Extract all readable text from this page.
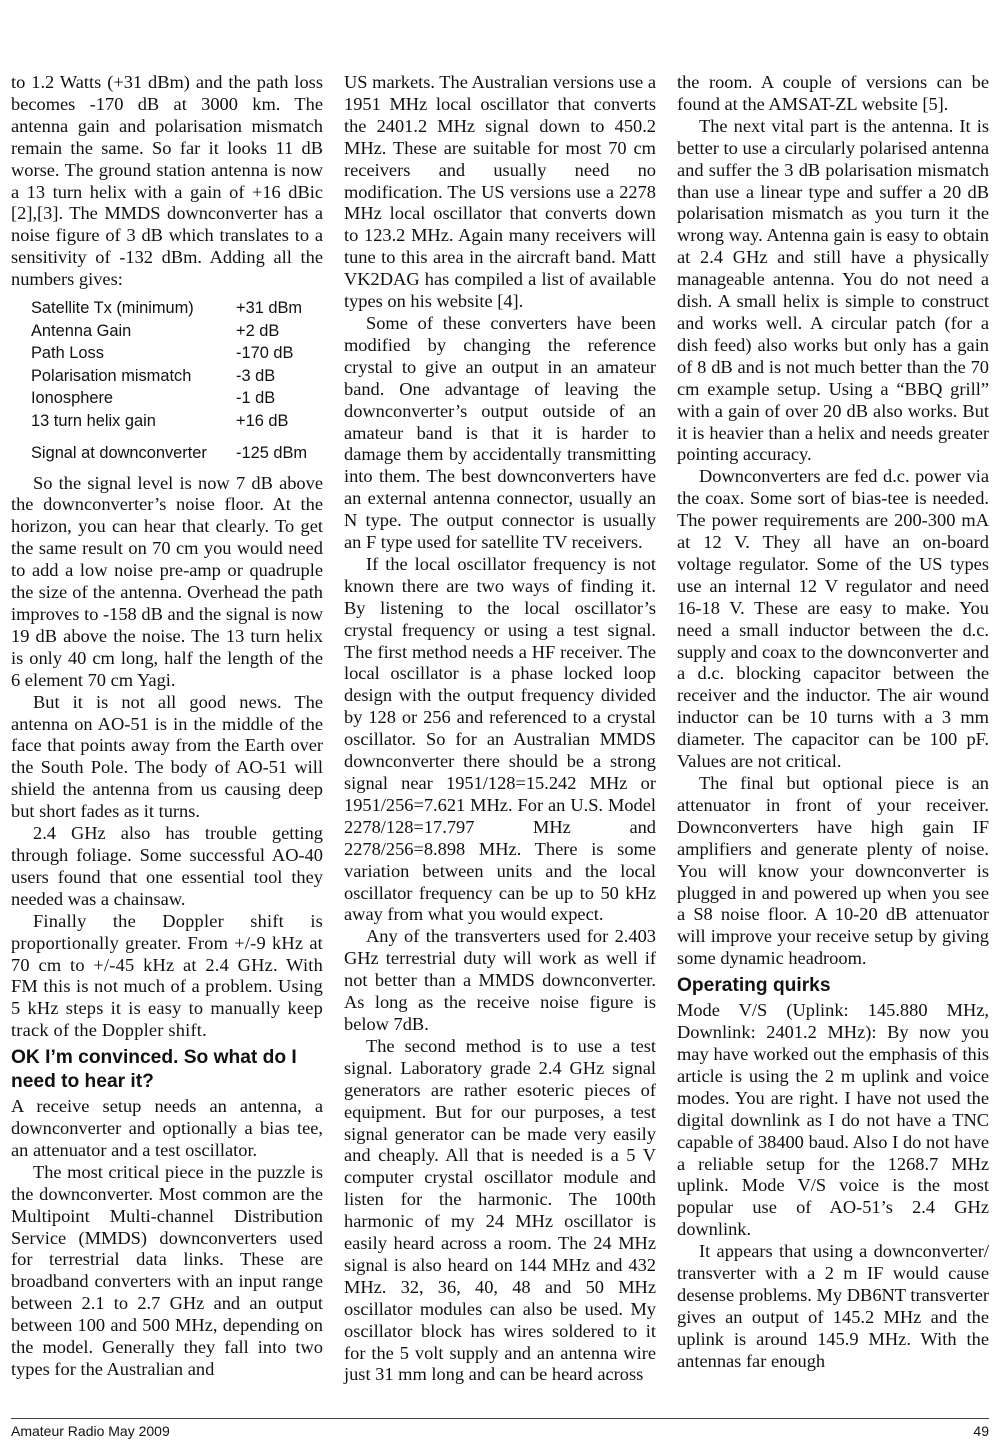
to 1.2 Watts (+31 dBm) and the path loss becomes -170 dB at 3000 km. The antenna gain and polarisation mismatch remain the same. So far it looks 11 dB worse. The ground station antenna is now a 13 turn helix with a gain of +16 dBic [2],[3]. The MMDS downconverter has a noise figure of 3 dB which translates to a sensitivity of -132 dBm. Adding all the numbers gives:

Satellite Tx (minimum)	+31 dBm
Antenna Gain	+2 dB
Path Loss	-170 dB
Polarisation mismatch	-3 dB
Ionosphere	-1 dB
13 turn helix gain	+16 dB
Signal at downconverter	-125 dBm

So the signal level is now 7 dB above the downconverter’s noise floor. At the horizon, you can hear that clearly. To get the same result on 70 cm you would need to add a low noise pre-amp or quadruple the size of the antenna. Overhead the path improves to -158 dB and the signal is now 19 dB above the noise. The 13 turn helix is only 40 cm long, half the length of the 6 element 70 cm Yagi.

But it is not all good news. The antenna on AO-51 is in the middle of the face that points away from the Earth over the South Pole. The body of AO-51 will shield the antenna from us causing deep but short fades as it turns.

2.4 GHz also has trouble getting through foliage. Some successful AO-40 users found that one essential tool they needed was a chainsaw.

Finally the Doppler shift is proportionally greater. From +/-9 kHz at 70 cm to +/-45 kHz at 2.4 GHz. With FM this is not much of a problem. Using 5 kHz steps it is easy to manually keep track of the Doppler shift.

OK I’m convinced. So what do I need to hear it?

A receive setup needs an antenna, a downconverter and optionally a bias tee, an attenuator and a test oscillator.

The most critical piece in the puzzle is the downconverter. Most common are the Multipoint Multi-channel Distribution Service (MMDS) downconverters used for terrestrial data links. These are broadband converters with an input range between 2.1 to 2.7 GHz and an output between 100 and 500 MHz, depending on the model. Generally they fall into two types for the Australian and

US markets. The Australian versions use a 1951 MHz local oscillator that converts the 2401.2 MHz signal down to 450.2 MHz. These are suitable for most 70 cm receivers and usually need no modification. The US versions use a 2278 MHz local oscillator that converts down to 123.2 MHz. Again many receivers will tune to this area in the aircraft band. Matt VK2DAG has compiled a list of available types on his website [4].

Some of these converters have been modified by changing the reference crystal to give an output in an amateur band. One advantage of leaving the downconverter’s output outside of an amateur band is that it is harder to damage them by accidentally transmitting into them. The best downconverters have an external antenna connector, usually an N type. The output connector is usually an F type used for satellite TV receivers.

If the local oscillator frequency is not known there are two ways of finding it. By listening to the local oscillator’s crystal frequency or using a test signal. The first method needs a HF receiver. The local oscillator is a phase locked loop design with the output frequency divided by 128 or 256 and referenced to a crystal oscillator. So for an Australian MMDS downconverter there should be a strong signal near 1951/128=15.242 MHz or 1951/256=7.621 MHz. For an U.S. Model 2278/128=17.797 MHz and 2278/256=8.898 MHz. There is some variation between units and the local oscillator frequency can be up to 50 kHz away from what you would expect.

Any of the transverters used for 2.403 GHz terrestrial duty will work as well if not better than a MMDS downconverter. As long as the receive noise figure is below 7dB.

The second method is to use a test signal. Laboratory grade 2.4 GHz signal generators are rather esoteric pieces of equipment. But for our purposes, a test signal generator can be made very easily and cheaply. All that is needed is a 5 V computer crystal oscillator module and listen for the harmonic. The 100th harmonic of my 24 MHz oscillator is easily heard across a room. The 24 MHz signal is also heard on 144 MHz and 432 MHz. 32, 36, 40, 48 and 50 MHz oscillator modules can also be used. My oscillator block has wires soldered to it for the 5 volt supply and an antenna wire just 31 mm long and can be heard across

the room. A couple of versions can be found at the AMSAT-ZL website [5].

The next vital part is the antenna. It is better to use a circularly polarised antenna and suffer the 3 dB polarisation mismatch than use a linear type and suffer a 20 dB polarisation mismatch as you turn it the wrong way. Antenna gain is easy to obtain at 2.4 GHz and still have a physically manageable antenna. You do not need a dish. A small helix is simple to construct and works well. A circular patch (for a dish feed) also works but only has a gain of 8 dB and is not much better than the 70 cm example setup. Using a “BBQ grill” with a gain of over 20 dB also works. But it is heavier than a helix and needs greater pointing accuracy.

Downconverters are fed d.c. power via the coax. Some sort of bias-tee is needed. The power requirements are 200-300 mA at 12 V. They all have an on-board voltage regulator. Some of the US types use an internal 12 V regulator and need 16-18 V. These are easy to make. You need a small inductor between the d.c. supply and coax to the downconverter and a d.c. blocking capacitor between the receiver and the inductor. The air wound inductor can be 10 turns with a 3 mm diameter. The capacitor can be 100 pF. Values are not critical.

The final but optional piece is an attenuator in front of your receiver. Downconverters have high gain IF amplifiers and generate plenty of noise. You will know your downconverter is plugged in and powered up when you see a S8 noise floor. A 10-20 dB attenuator will improve your receive setup by giving some dynamic headroom.

Operating quirks

Mode V/S (Uplink: 145.880 MHz, Downlink: 2401.2 MHz): By now you may have worked out the emphasis of this article is using the 2 m uplink and voice modes. You are right. I have not used the digital downlink as I do not have a TNC capable of 38400 baud. Also I do not have a reliable setup for the 1268.7 MHz uplink. Mode V/S voice is the most popular use of AO-51’s 2.4 GHz downlink.

It appears that using a downconverter/ transverter with a 2 m IF would cause desense problems. My DB6NT transverter gives an output of 145.2 MHz and the uplink is around 145.9 MHz. With the antennas far enough

Amateur Radio May 2009	49
